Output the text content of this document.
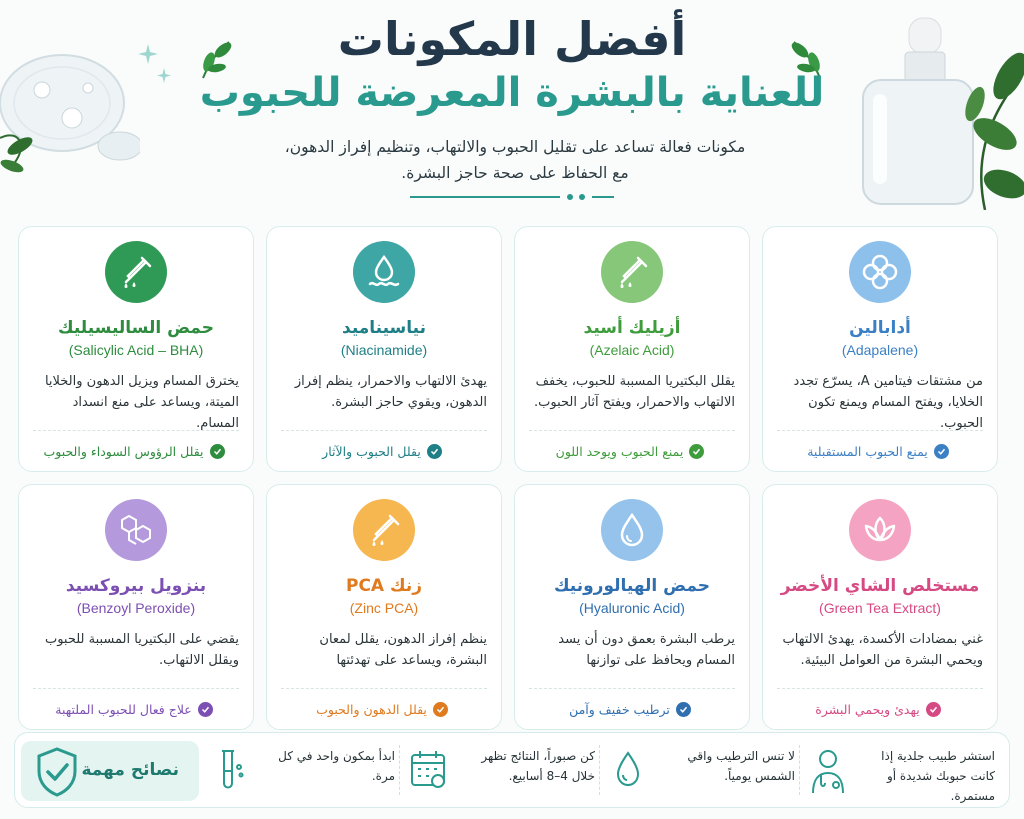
أفضل المكونات
للعناية بالبشرة المعرضة للحبوب
مكونات فعالة تساعد على تقليل الحبوب والالتهاب، وتنظيم إفراز الدهون،
مع الحفاظ على صحة حاجز البشرة.
أدابالين
(Adapalene)
من مشتقات فيتامين A، يسرّع تجدد الخلايا، ويفتح المسام ويمنع تكون الحبوب.
يمنع الحبوب المستقبلية
أزيليك أسيد
(Azelaic Acid)
يقلل البكتيريا المسببة للحبوب، يخفف الالتهاب والاحمرار، ويفتح آثار الحبوب.
يمنع الحبوب ويوحد اللون
نياسيناميد
(Niacinamide)
يهدئ الالتهاب والاحمرار، ينظم إفراز الدهون، ويقوي حاجز البشرة.
يقلل الحبوب والآثار
حمض الساليسيليك
(Salicylic Acid – BHA)
يخترق المسام ويزيل الدهون والخلايا الميتة، ويساعد على منع انسداد المسام.
يقلل الرؤوس السوداء والحبوب
مستخلص الشاي الأخضر
(Green Tea Extract)
غني بمضادات الأكسدة، يهدئ الالتهاب ويحمي البشرة من العوامل البيئية.
يهدئ ويحمي البشرة
حمض الهيالورونيك
(Hyaluronic Acid)
يرطب البشرة بعمق دون أن يسد المسام ويحافظ على توازنها
ترطيب خفيف وآمن
زنك PCA
(Zinc PCA)
ينظم إفراز الدهون، يقلل لمعان البشرة، ويساعد على تهدئتها
يقلل الدهون والحبوب
بنزويل بيروكسيد
(Benzoyl Peroxide)
يقضي على البكتيريا المسببة للحبوب ويقلل الالتهاب.
علاج فعال للحبوب الملتهبة
نصائح مهمة
استشر طبيب جلدية إذا كانت حبوبك شديدة أو مستمرة.
لا تنس الترطيب واقي الشمس يومياً.
كن صبوراً، النتائج تظهر خلال 4–8 أسابيع.
ابدأ بمكون واحد في كل مرة.
